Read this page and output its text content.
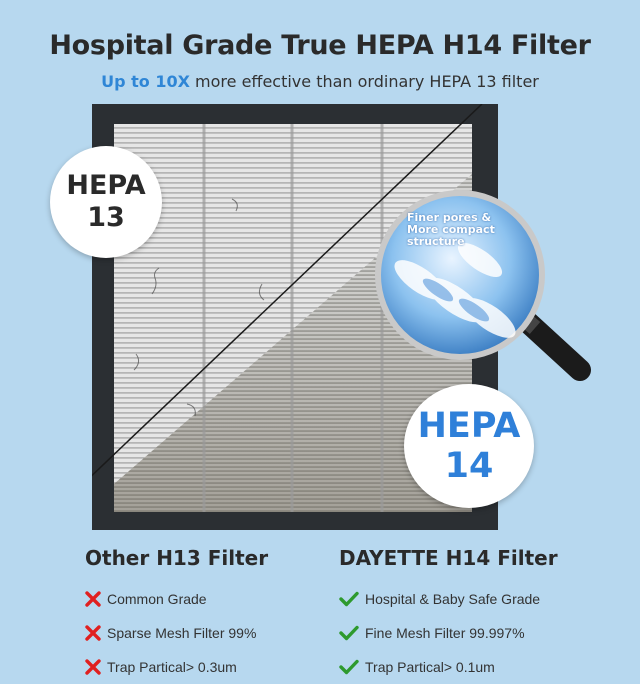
Hospital Grade True HEPA H14 Filter
Up to 10X more effective than ordinary HEPA 13 filter
HEPA
13	Finer pores &
More compact
structure
HEPA
14
Other H13 Filter
Common Grade
Sparse Mesh Filter 99%
Trap Partical> 0.3um
DAYETTE H14 Filter
Hospital & Baby Safe Grade
Fine Mesh Filter 99.997%
Trap Partical> 0.1um
